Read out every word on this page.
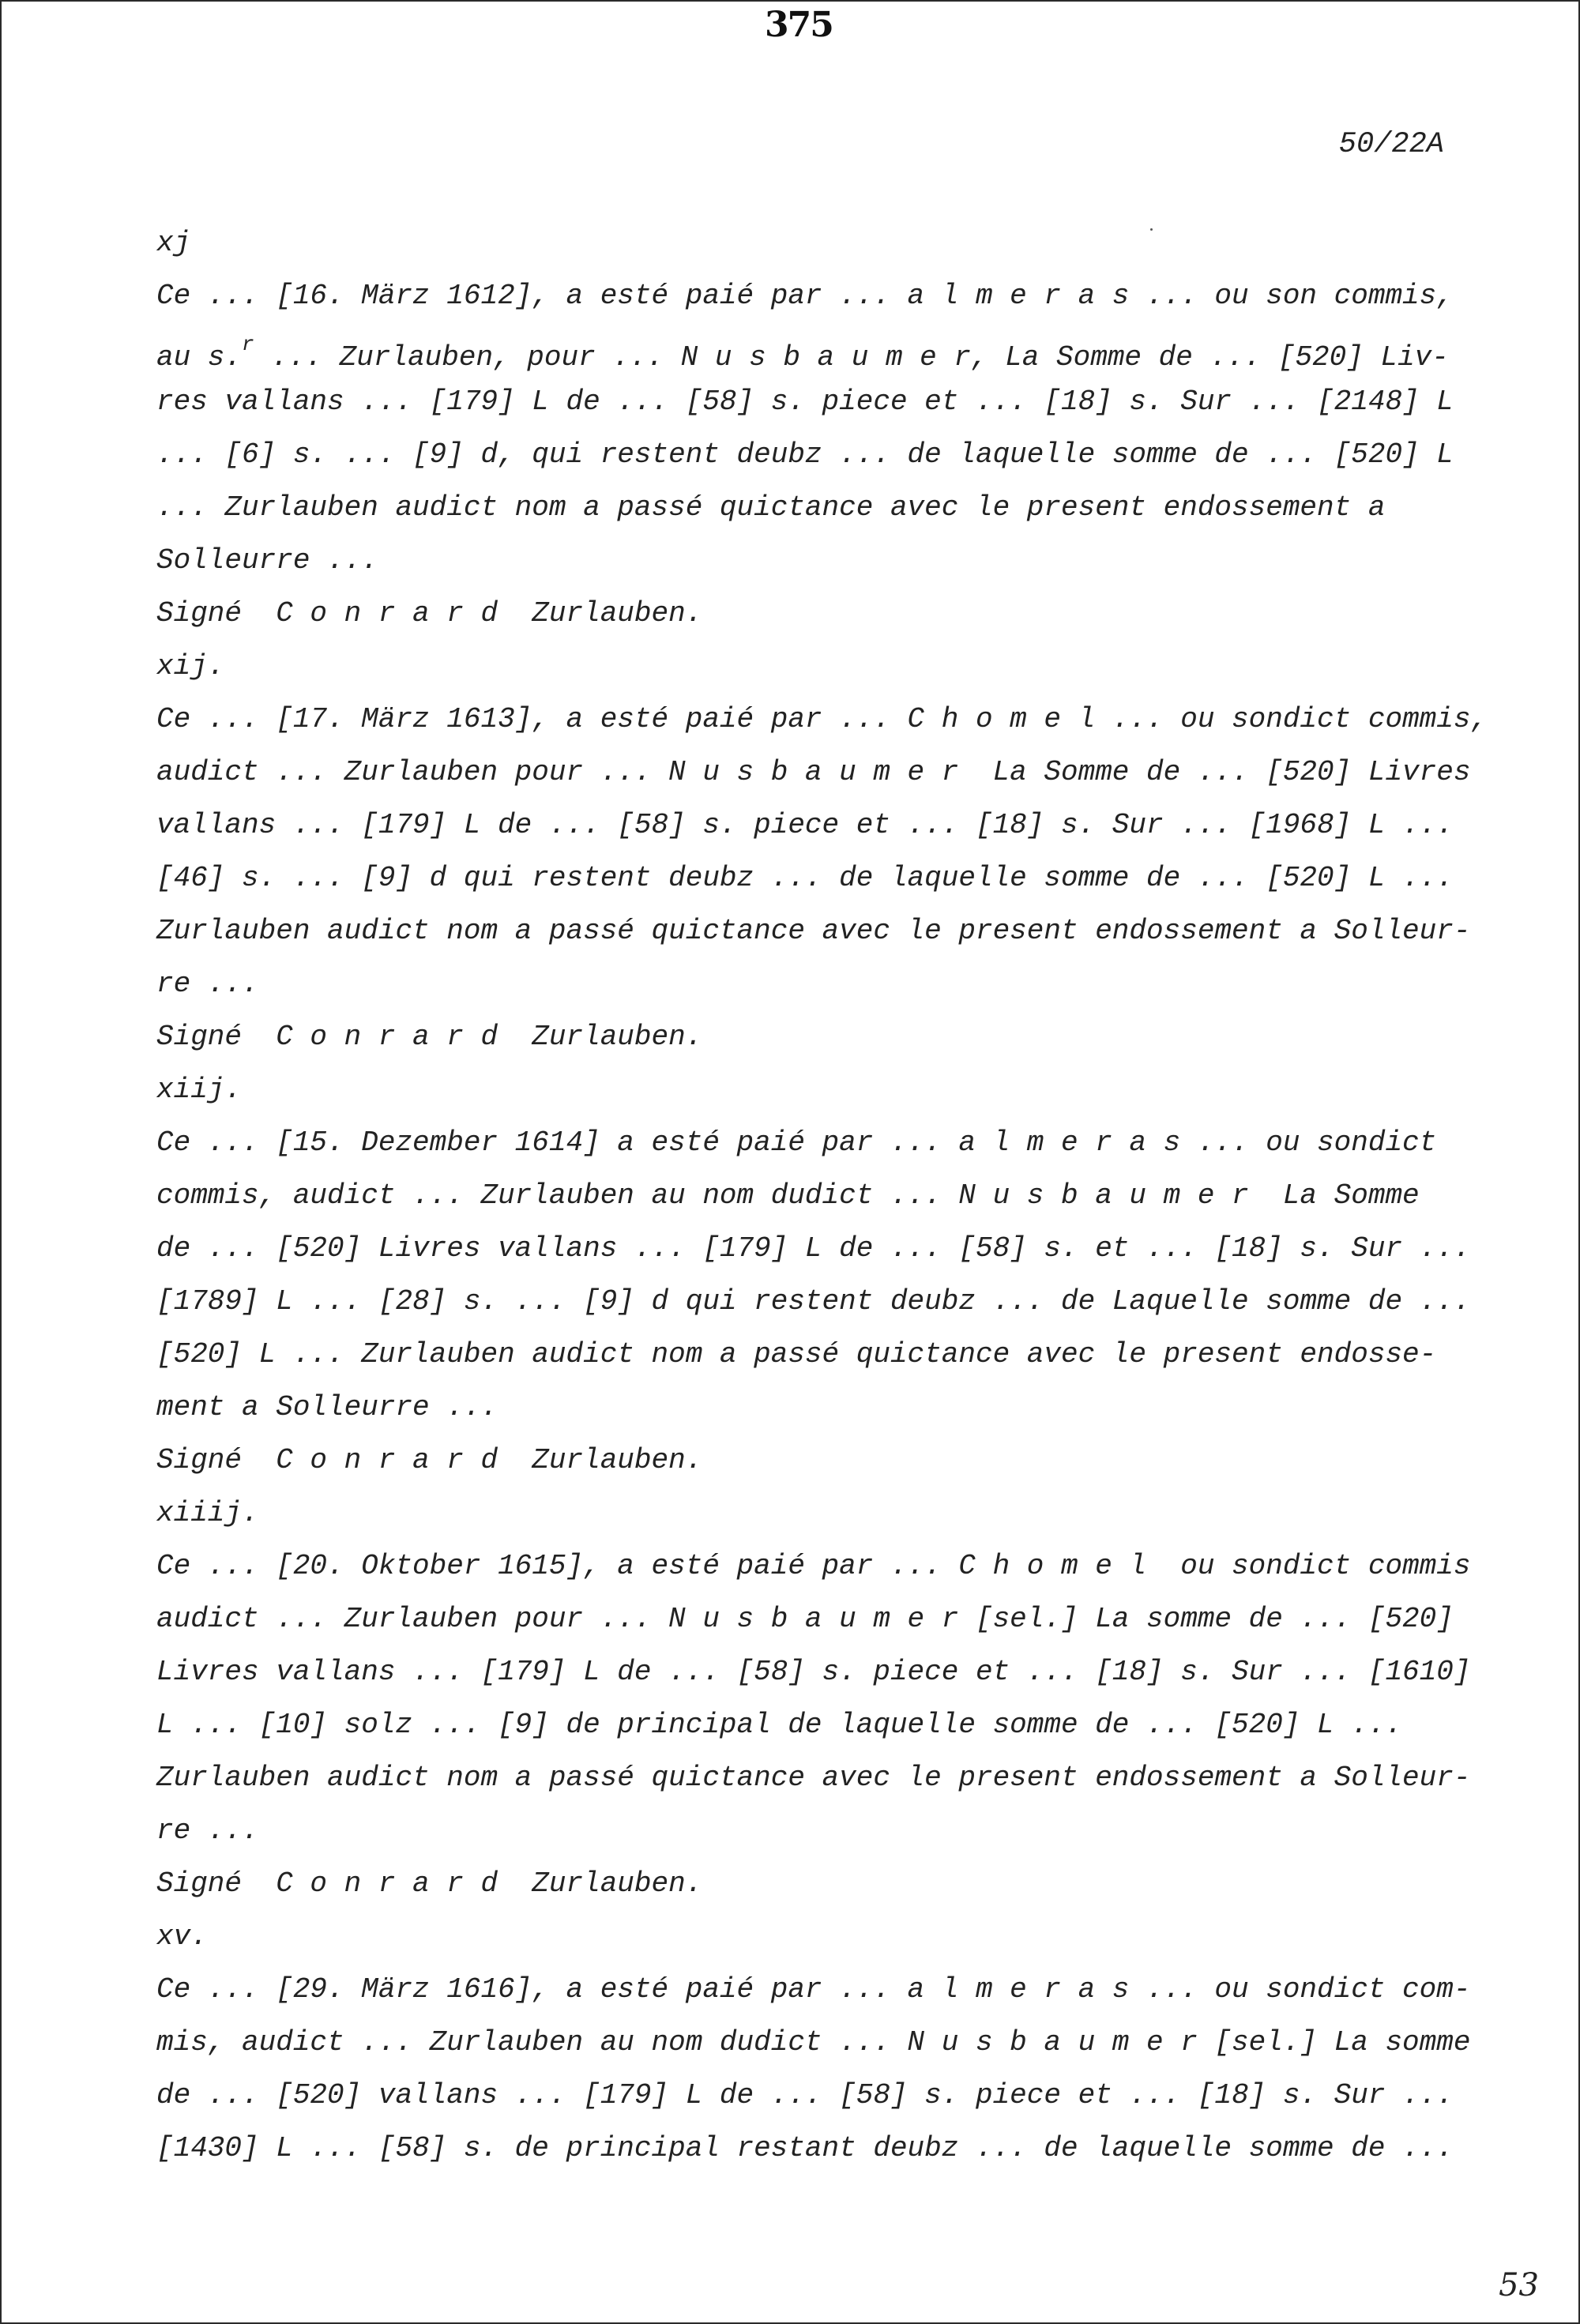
375
50/22A
xj
Ce ... [16. März 1612], a esté paié par ... a l m e r a s ... ou son commis,
au s.$^r$ ... Zurlauben, pour ... N u s b a u m e r, La Somme de ... [520] Liv-
res vallans ... [179] L de ... [58] s. piece et ... [18] s. Sur ... [2148] L
... [6] s. ... [9] d, qui restent deubz ... de laquelle somme de ... [520] L
... Zurlauben audict nom a passé quictance avec le present endossement a
Solleurre ...
Signé  C o n r a r d  Zurlauben.
xij.
Ce ... [17. März 1613], a esté paié par ... C h o m e l ... ou sondict commis,
audict ... Zurlauben pour ... N u s b a u m e r  La Somme de ... [520] Livres
vallans ... [179] L de ... [58] s. piece et ... [18] s. Sur ... [1968] L ...
[46] s. ... [9] d qui restent deubz ... de laquelle somme de ... [520] L ...
Zurlauben audict nom a passé quictance avec le present endossement a Solleur-
re ...
Signé  C o n r a r d  Zurlauben.
xiij.
Ce ... [15. Dezember 1614] a esté paié par ... a l m e r a s ... ou sondict
commis, audict ... Zurlauben au nom dudict ... N u s b a u m e r  La Somme
de ... [520] Livres vallans ... [179] L de ... [58] s. et ... [18] s. Sur ...
[1789] L ... [28] s. ... [9] d qui restent deubz ... de Laquelle somme de ...
[520] L ... Zurlauben audict nom a passé quictance avec le present endosse-
ment a Solleurre ...
Signé  C o n r a r d  Zurlauben.
xiiij.
Ce ... [20. Oktober 1615], a esté paié par ... C h o m e l  ou sondict commis
audict ... Zurlauben pour ... N u s b a u m e r [sel.] La somme de ... [520]
Livres vallans ... [179] L de ... [58] s. piece et ... [18] s. Sur ... [1610]
L ... [10] solz ... [9] de principal de laquelle somme de ... [520] L ...
Zurlauben audict nom a passé quictance avec le present endossement a Solleur-
re ...
Signé  C o n r a r d  Zurlauben.
xv.
Ce ... [29. März 1616], a esté paié par ... a l m e r a s ... ou sondict com-
mis, audict ... Zurlauben au nom dudict ... N u s b a u m e r [sel.] La somme
de ... [520] vallans ... [179] L de ... [58] s. piece et ... [18] s. Sur ...
[1430] L ... [58] s. de principal restant deubz ... de laquelle somme de ...
53
